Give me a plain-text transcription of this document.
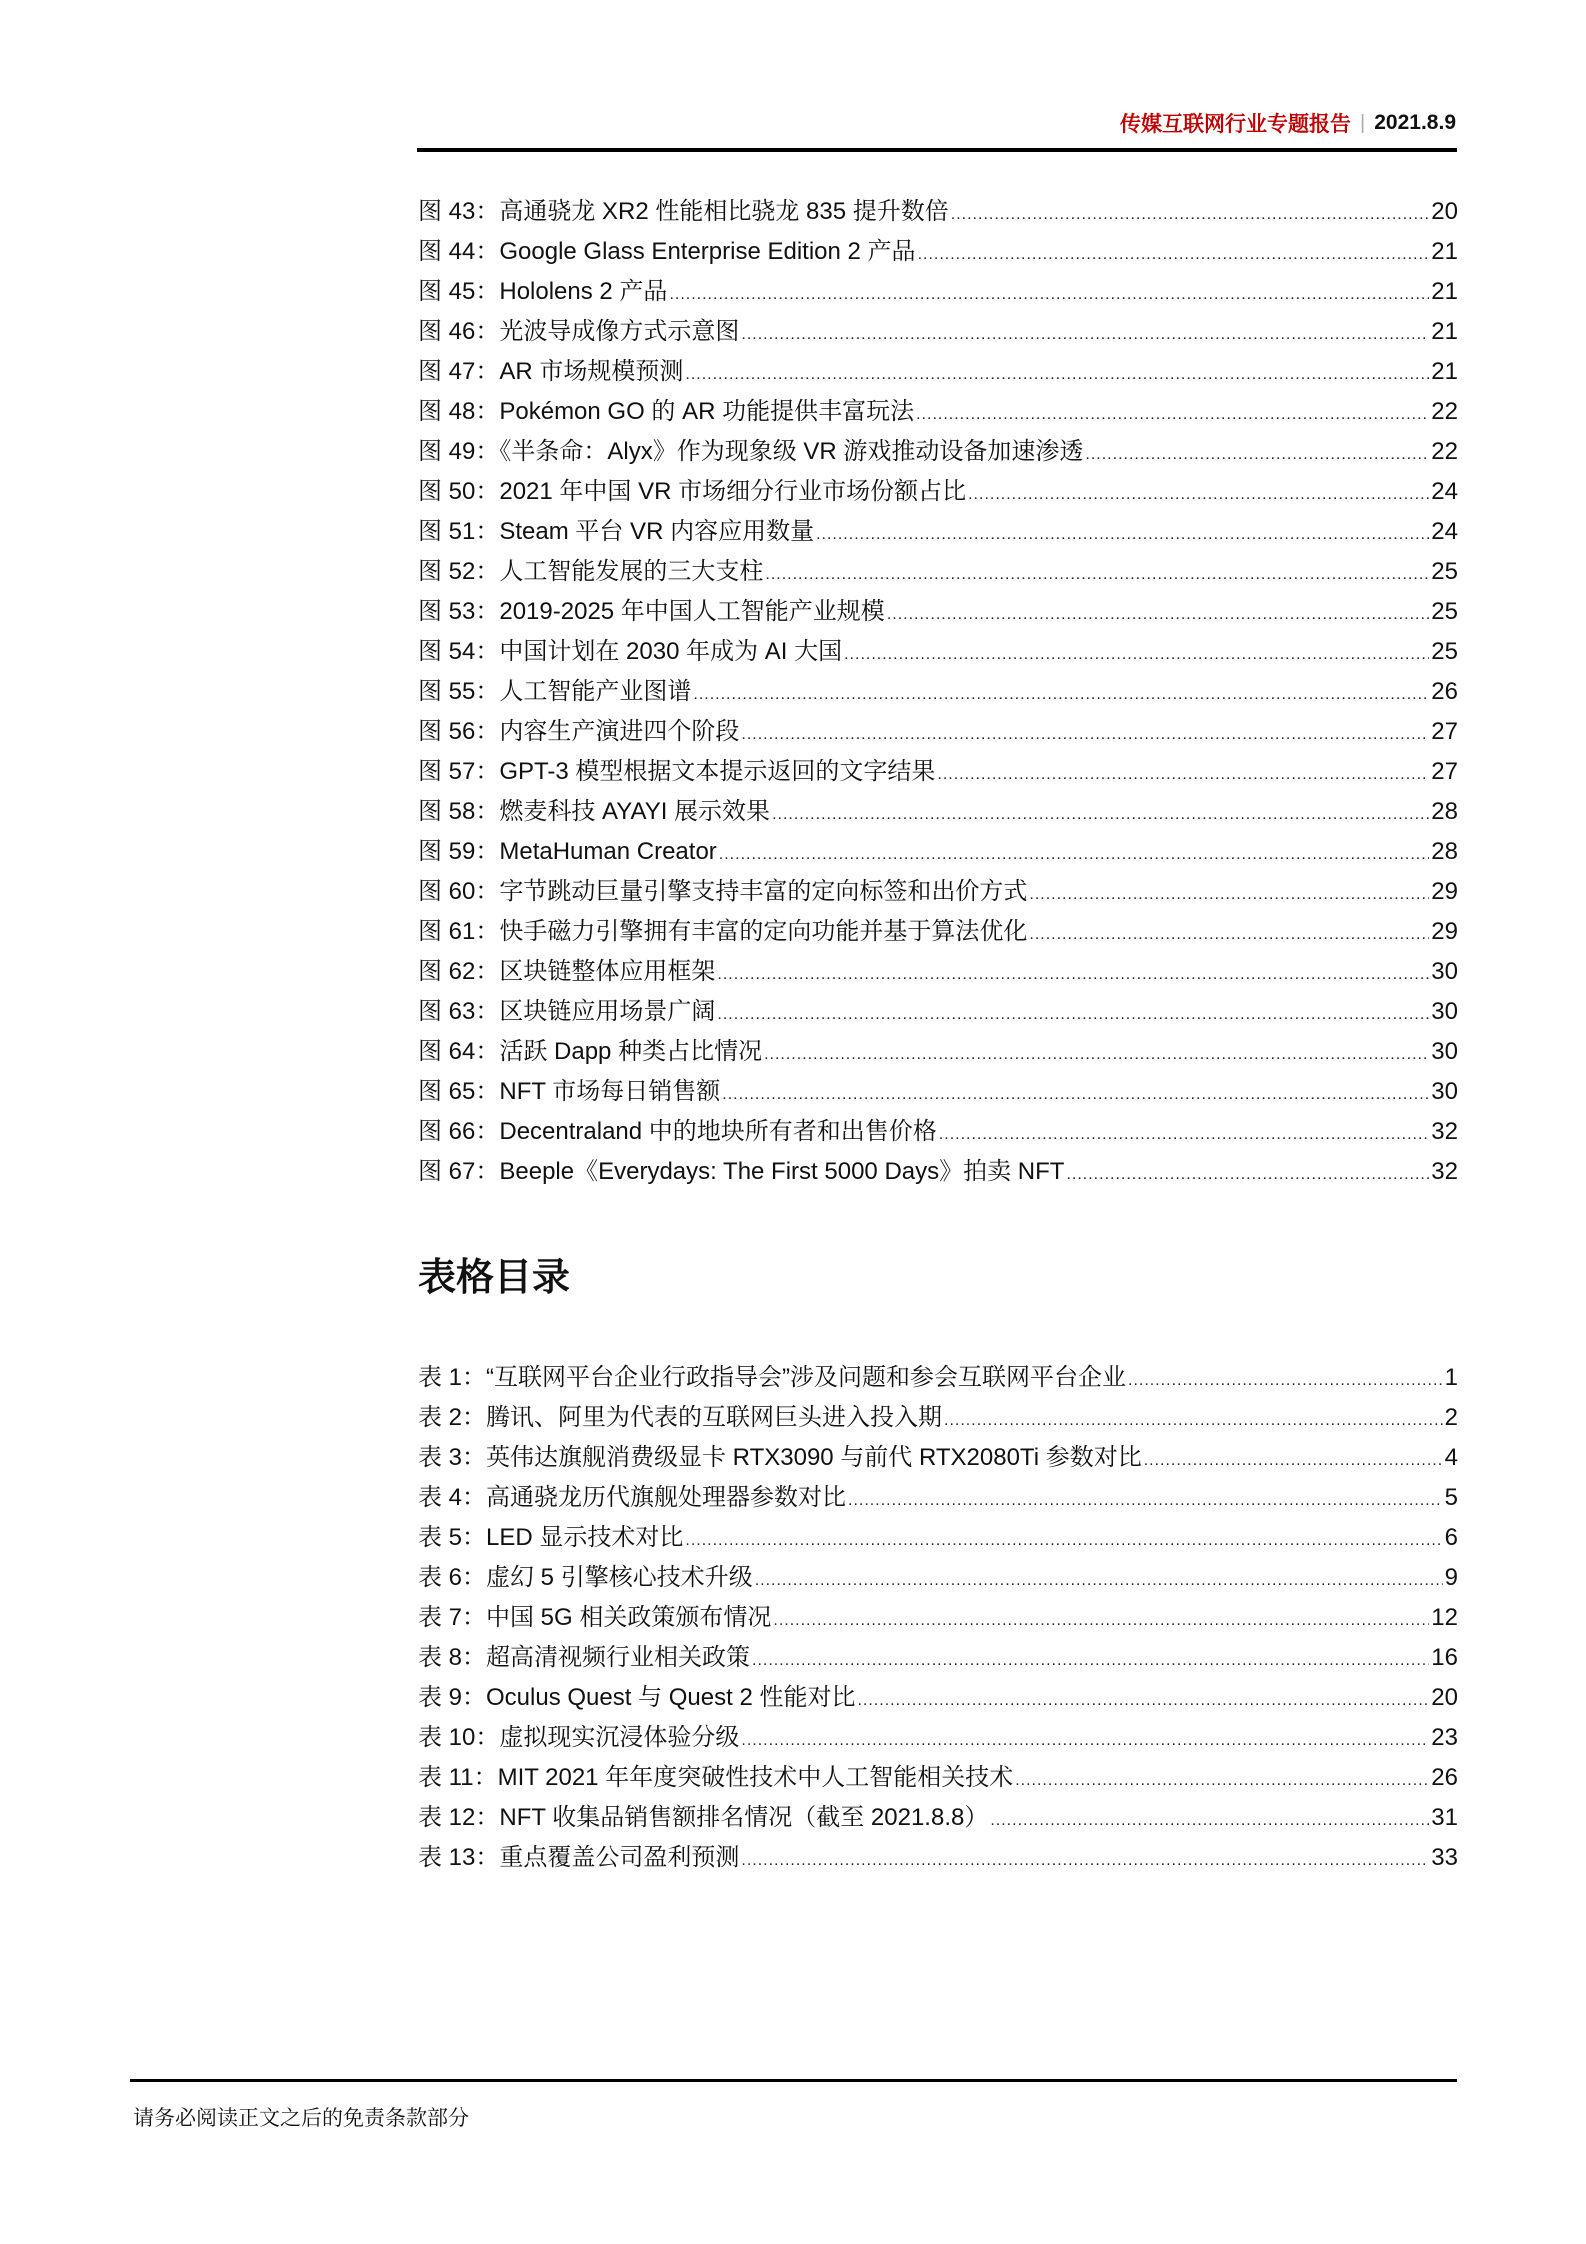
传媒互联网行业专题报告 | 2021.8.9
图 43：高通骁龙 XR2 性能相比骁龙 835 提升数倍 .....	20
图 44：Google Glass Enterprise Edition 2 产品 .....	21
图 45：Hololens 2 产品 .....	21
图 46：光波导成像方式示意图 .....	21
图 47：AR 市场规模预测 .....	21
图 48：Pokémon GO 的 AR 功能提供丰富玩法 .....	22
图 49：《半条命：Alyx》作为现象级 VR 游戏推动设备加速渗透 .....	22
图 50：2021 年中国 VR 市场细分行业市场份额占比 .....	24
图 51：Steam 平台 VR 内容应用数量 .....	24
图 52：人工智能发展的三大支柱 .....	25
图 53：2019-2025 年中国人工智能产业规模 .....	25
图 54：中国计划在 2030 年成为 AI 大国 .....	25
图 55：人工智能产业图谱 .....	26
图 56：内容生产演进四个阶段 .....	27
图 57：GPT-3 模型根据文本提示返回的文字结果 .....	27
图 58：燃麦科技 AYAYI 展示效果 .....	28
图 59：MetaHuman Creator .....	28
图 60：字节跳动巨量引擎支持丰富的定向标签和出价方式 .....	29
图 61：快手磁力引擎拥有丰富的定向功能并基于算法优化 .....	29
图 62：区块链整体应用框架 .....	30
图 63：区块链应用场景广阔 .....	30
图 64：活跃 Dapp 种类占比情况 .....	30
图 65：NFT 市场每日销售额 .....	30
图 66：Decentraland 中的地块所有者和出售价格 .....	32
图 67：Beeple《Everydays: The First 5000 Days》拍卖 NFT .....	32
表格目录
表 1：“互联网平台企业行政指导会”涉及问题和参会互联网平台企业 .....	1
表 2：腾讯、阿里为代表的互联网巨头进入投入期 .....	2
表 3：英伟达旗舰消费级显卡 RTX3090 与前代 RTX2080Ti 参数对比 .....	4
表 4：高通骁龙历代旗舰处理器参数对比 .....	5
表 5：LED 显示技术对比 .....	6
表 6：虚幻 5 引擎核心技术升级 .....	9
表 7：中国 5G 相关政策颁布情况 .....	12
表 8：超高清视频行业相关政策 .....	16
表 9：Oculus Quest 与 Quest 2 性能对比 .....	20
表 10：虚拟现实沉浸体验分级 .....	23
表 11：MIT 2021 年年度突破性技术中人工智能相关技术 .....	26
表 12：NFT 收集品销售额排名情况（截至 2021.8.8） .....	31
表 13：重点覆盖公司盈利预测 .....	33
请务必阅读正文之后的免责条款部分
